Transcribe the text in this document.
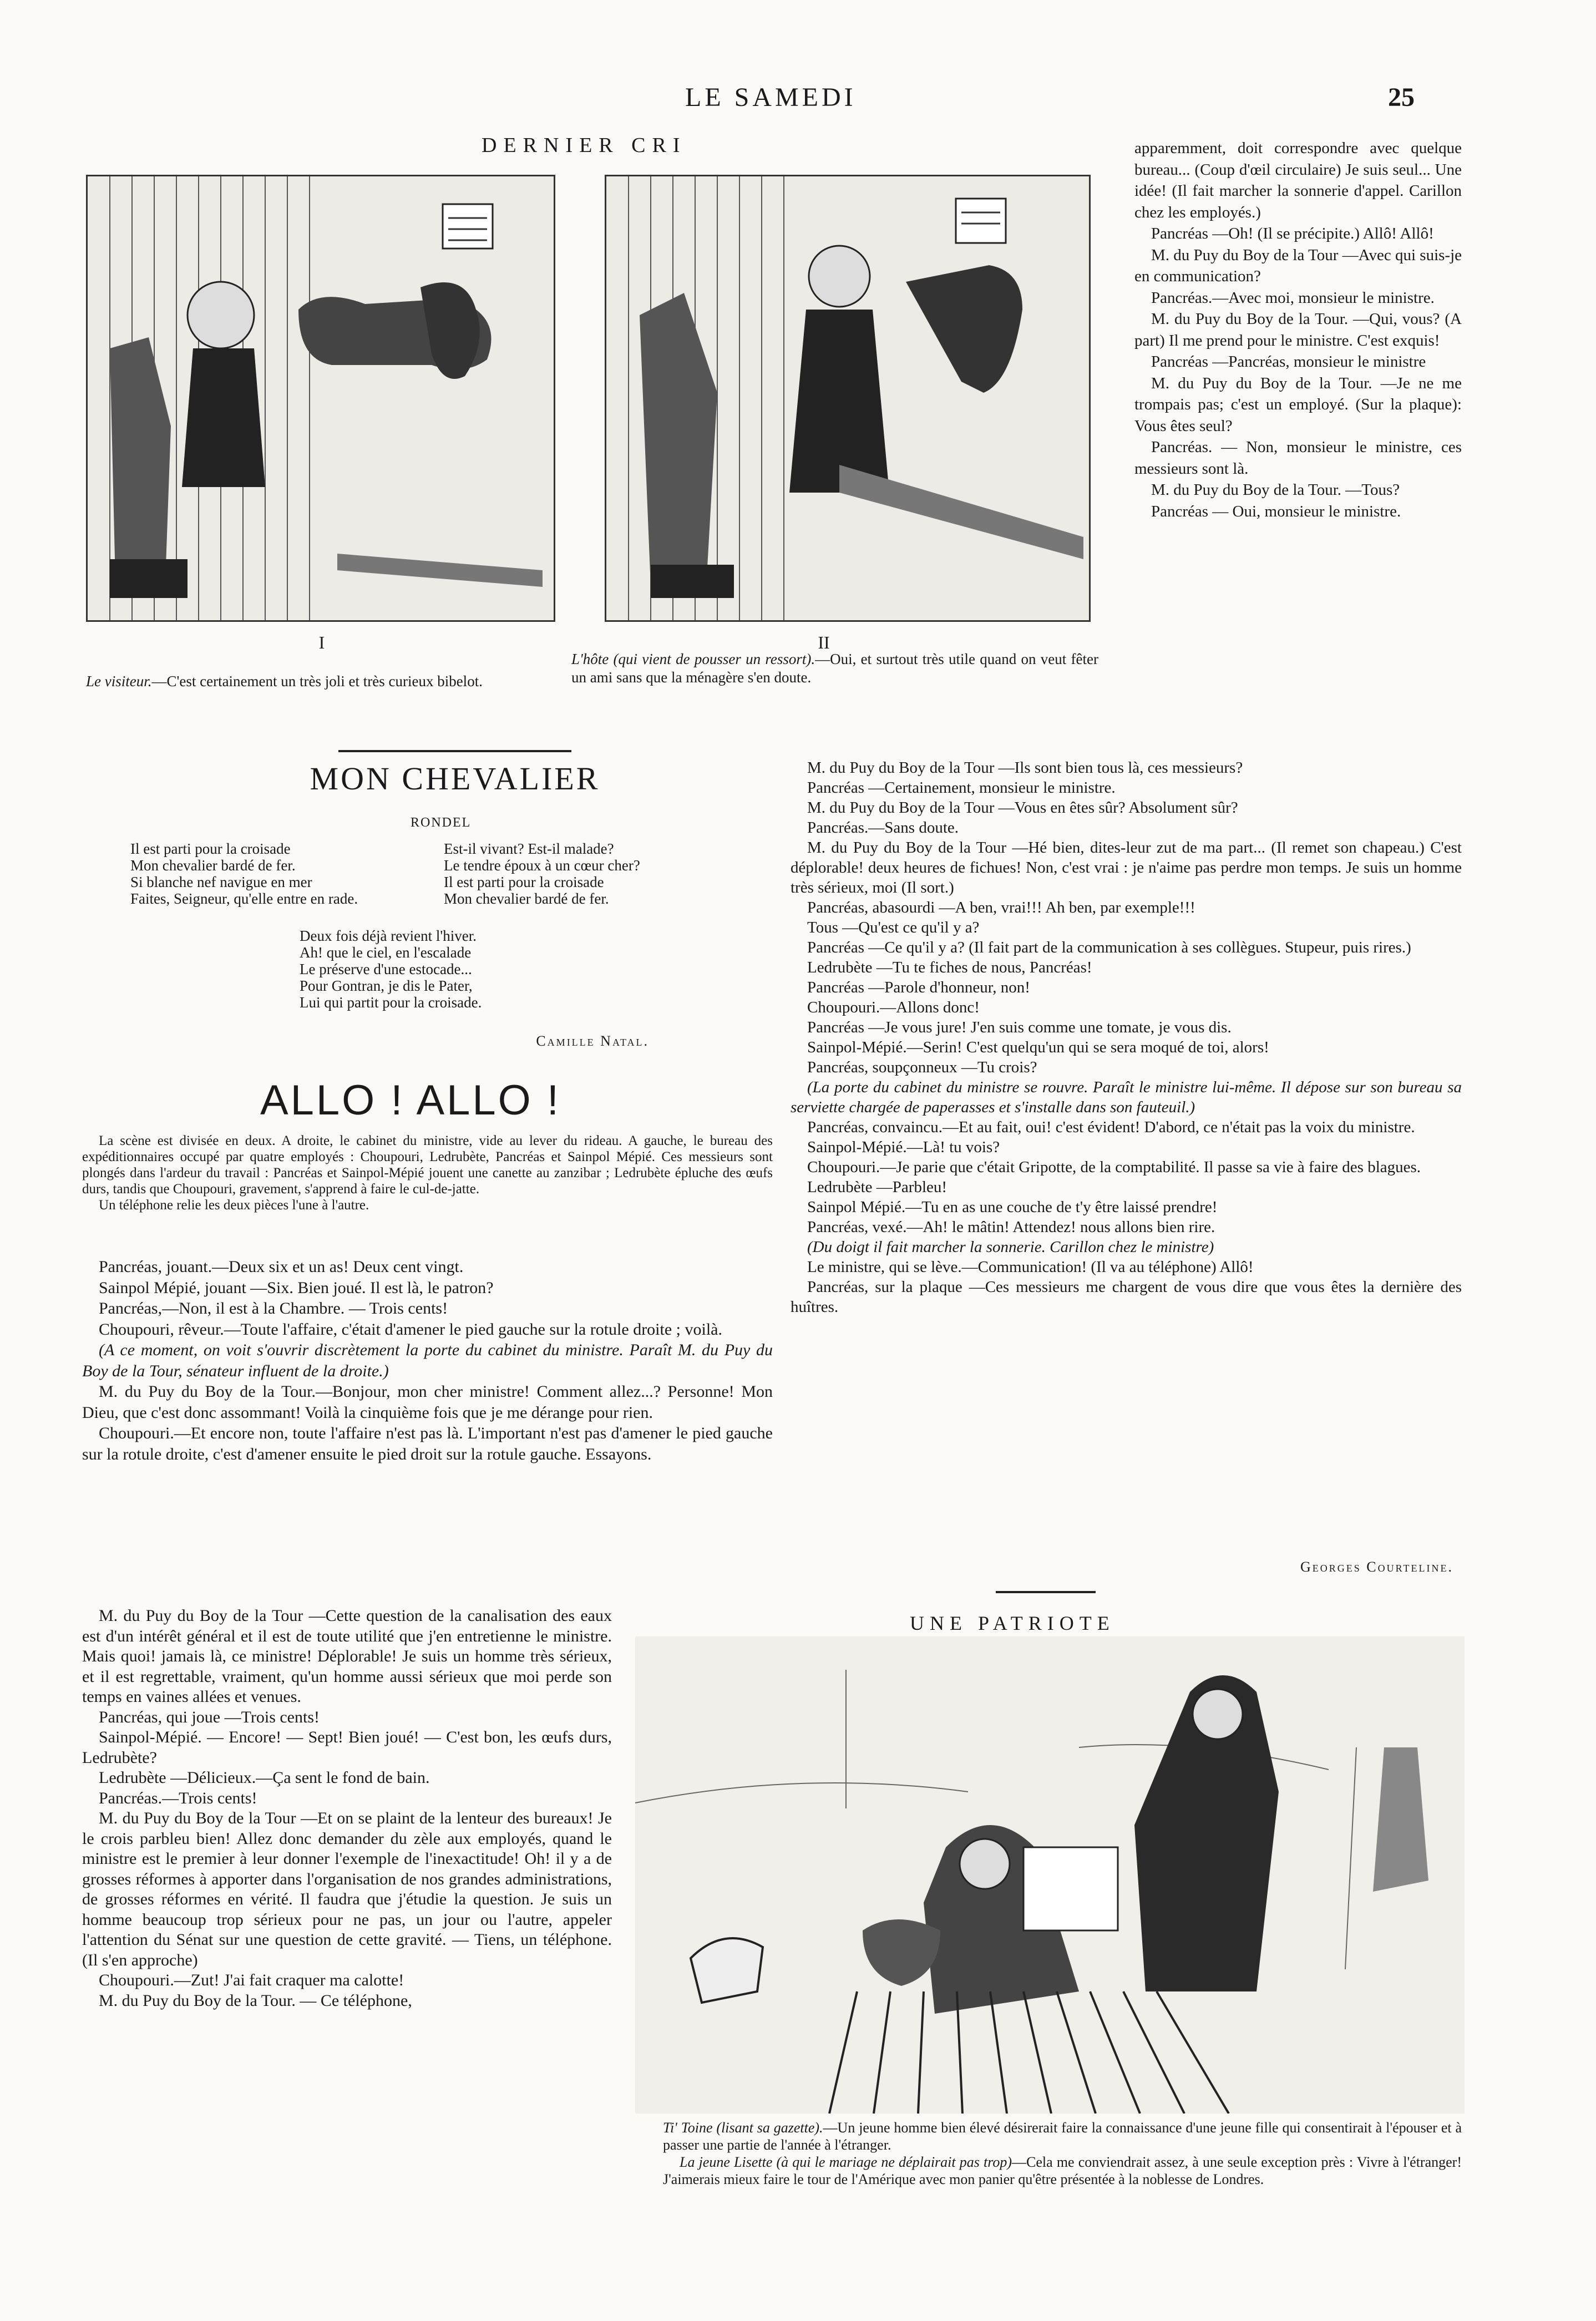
LE SAMEDI	25
DERNIER CRI
I
Le visiteur.—C'est certainement un très joli et très curieux bibelot.
II
L'hôte (qui vient de pousser un ressort).—Oui, et surtout très utile quand on veut fêter un ami sans que la ménagère s'en doute.

apparemment, doit correspondre avec quelque bureau... (Coup d'œil circulaire) Je suis seul... Une idée! (Il fait marcher la sonnerie d'appel. Carillon chez les employés.)

Pancréas —Oh! (Il se précipite.) Allô! Allô!

M. du Puy du Boy de la Tour —Avec qui suis-je en communication?

Pancréas.—Avec moi, monsieur le ministre.

M. du Puy du Boy de la Tour. —Qui, vous? (A part) Il me prend pour le ministre. C'est exquis!

Pancréas —Pancréas, monsieur le ministre

M. du Puy du Boy de la Tour. —Je ne me trompais pas; c'est un employé. (Sur la plaque): Vous êtes seul?

Pancréas. — Non, monsieur le ministre, ces messieurs sont là.

M. du Puy du Boy de la Tour. —Tous?

Pancréas — Oui, monsieur le ministre.

MON CHEVALIER
RONDEL
Il est parti pour la croisade
Mon chevalier bardé de fer.
Si blanche nef navigue en mer
Faites, Seigneur, qu'elle entre en rade.
Est-il vivant? Est-il malade?
Le tendre époux à un cœur cher?
Il est parti pour la croisade
Mon chevalier bardé de fer.
Deux fois déjà revient l'hiver.
Ah! que le ciel, en l'escalade
Le préserve d'une estocade...
Pour Gontran, je dis le Pater,
Lui qui partit pour la croisade.
Camille Natal.
ALLO ! ALLO !

La scène est divisée en deux. A droite, le cabinet du ministre, vide au lever du rideau. A gauche, le bureau des expéditionnaires occupé par quatre employés : Choupouri, Ledrubète, Pancréas et Sainpol Mépié. Ces messieurs sont plongés dans l'ardeur du travail : Pancréas et Sainpol-Mépié jouent une canette au zanzibar ; Ledrubète épluche des œufs durs, tandis que Choupouri, gravement, s'apprend à faire le cul-de-jatte.

Un téléphone relie les deux pièces l'une à l'autre.

Pancréas, jouant.—Deux six et un as! Deux cent vingt.

Sainpol Mépié, jouant —Six. Bien joué. Il est là, le patron?

Pancréas,—Non, il est à la Chambre. — Trois cents!

Choupouri, rêveur.—Toute l'affaire, c'était d'amener le pied gauche sur la rotule droite ; voilà.

(A ce moment, on voit s'ouvrir discrètement la porte du cabinet du ministre. Paraît M. du Puy du Boy de la Tour, sénateur influent de la droite.)

M. du Puy du Boy de la Tour.—Bonjour, mon cher ministre! Comment allez...? Personne! Mon Dieu, que c'est donc assommant! Voilà la cinquième fois que je me dérange pour rien.

Choupouri.—Et encore non, toute l'affaire n'est pas là. L'important n'est pas d'amener le pied gauche sur la rotule droite, c'est d'amener ensuite le pied droit sur la rotule gauche. Essayons.

M. du Puy du Boy de la Tour —Cette question de la canalisation des eaux est d'un intérêt général et il est de toute utilité que j'en entretienne le ministre. Mais quoi! jamais là, ce ministre! Déplorable! Je suis un homme très sérieux, et il est regrettable, vraiment, qu'un homme aussi sérieux que moi perde son temps en vaines allées et venues.

Pancréas, qui joue —Trois cents!

Sainpol-Mépié. — Encore! — Sept! Bien joué! — C'est bon, les œufs durs, Ledrubète?

Ledrubète —Délicieux.—Ça sent le fond de bain.

Pancréas.—Trois cents!

M. du Puy du Boy de la Tour —Et on se plaint de la lenteur des bureaux! Je le crois parbleu bien! Allez donc demander du zèle aux employés, quand le ministre est le premier à leur donner l'exemple de l'inexactitude! Oh! il y a de grosses réformes à apporter dans l'organisation de nos grandes administrations, de grosses réformes en vérité. Il faudra que j'étudie la question. Je suis un homme beaucoup trop sérieux pour ne pas, un jour ou l'autre, appeler l'attention du Sénat sur une question de cette gravité. — Tiens, un téléphone. (Il s'en approche)

Choupouri.—Zut! J'ai fait craquer ma calotte!

M. du Puy du Boy de la Tour. — Ce téléphone,

M. du Puy du Boy de la Tour —Ils sont bien tous là, ces messieurs?

Pancréas —Certainement, monsieur le ministre.

M. du Puy du Boy de la Tour —Vous en êtes sûr? Absolument sûr?

Pancréas.—Sans doute.

M. du Puy du Boy de la Tour —Hé bien, dites-leur zut de ma part... (Il remet son chapeau.) C'est déplorable! deux heures de fichues! Non, c'est vrai : je n'aime pas perdre mon temps. Je suis un homme très sérieux, moi (Il sort.)

Pancréas, abasourdi —A ben, vrai!!! Ah ben, par exemple!!!

Tous —Qu'est ce qu'il y a?

Pancréas —Ce qu'il y a? (Il fait part de la communication à ses collègues. Stupeur, puis rires.)

Ledrubète —Tu te fiches de nous, Pancréas!

Pancréas —Parole d'honneur, non!

Choupouri.—Allons donc!

Pancréas —Je vous jure! J'en suis comme une tomate, je vous dis.

Sainpol-Mépié.—Serin! C'est quelqu'un qui se sera moqué de toi, alors!

Pancréas, soupçonneux —Tu crois?

(La porte du cabinet du ministre se rouvre. Paraît le ministre lui-même. Il dépose sur son bureau sa serviette chargée de paperasses et s'installe dans son fauteuil.)

Pancréas, convaincu.—Et au fait, oui! c'est évident! D'abord, ce n'était pas la voix du ministre.

Sainpol-Mépié.—Là! tu vois?

Choupouri.—Je parie que c'était Gripotte, de la comptabilité. Il passe sa vie à faire des blagues.

Ledrubète —Parbleu!

Sainpol Mépié.—Tu en as une couche de t'y être laissé prendre!

Pancréas, vexé.—Ah! le mâtin! Attendez! nous allons bien rire.

(Du doigt il fait marcher la sonnerie. Carillon chez le ministre)

Le ministre, qui se lève.—Communication! (Il va au téléphone) Allô!

Pancréas, sur la plaque —Ces messieurs me chargent de vous dire que vous êtes la dernière des huîtres.

Georges Courteline.
UNE PATRIOTE
Ti' Toine (lisant sa gazette).—Un jeune homme bien élevé désirerait faire la connaissance d'une jeune fille qui consentirait à l'épouser et à passer une partie de l'année à l'étranger.
La jeune Lisette (à qui le mariage ne déplairait pas trop)—Cela me conviendrait assez, à une seule exception près : Vivre à l'étranger! J'aimerais mieux faire le tour de l'Amérique avec mon panier qu'être présentée à la noblesse de Londres.
